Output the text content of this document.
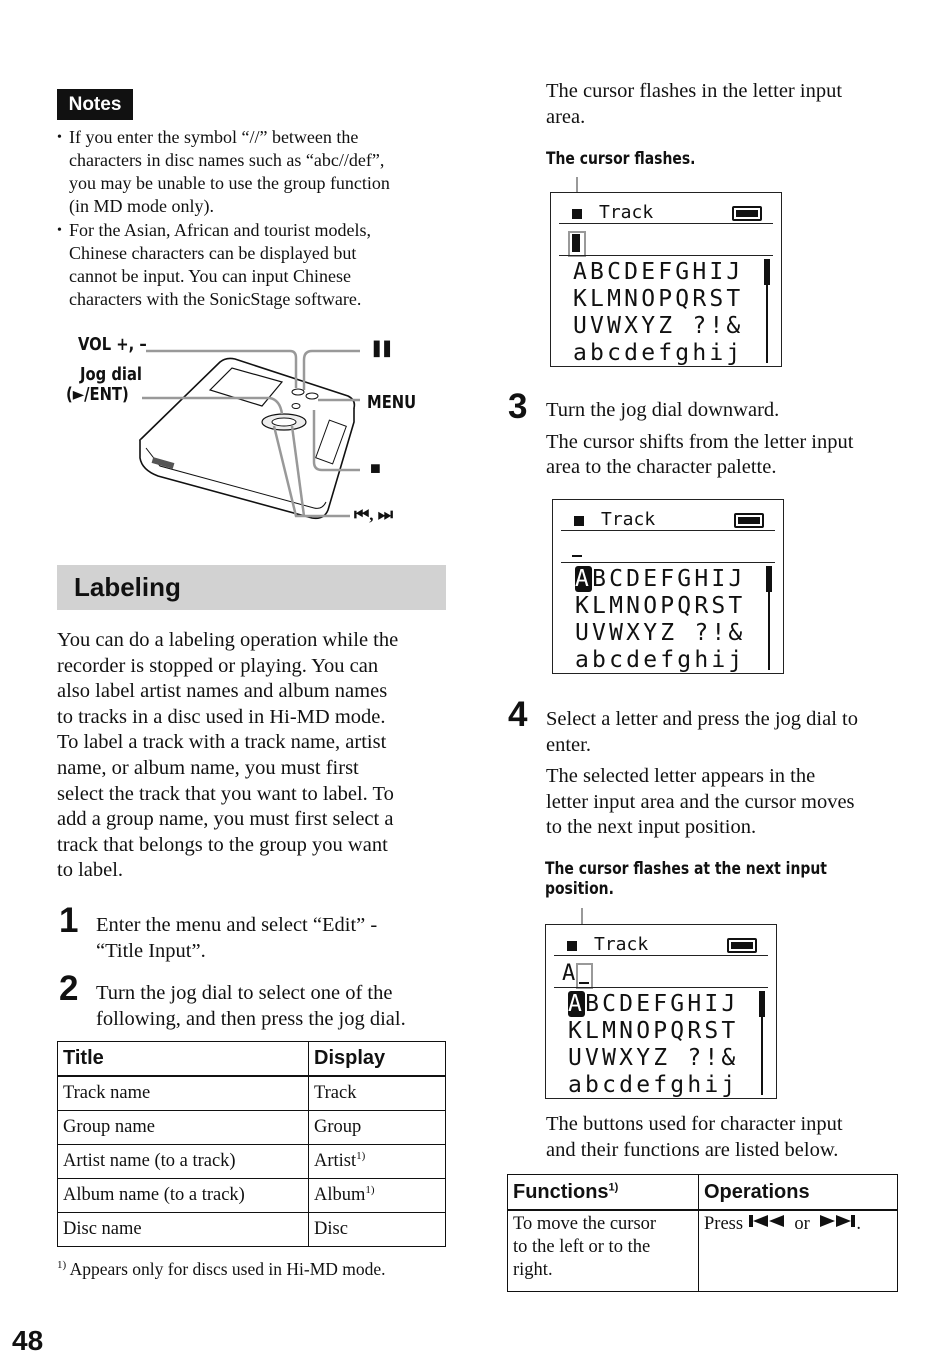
Notes
• If you enter the symbol “//” between the
characters in disc names such as “abc//def”,
you may be unable to use the group function
(in MD mode only).
• For the Asian, African and tourist models,
Chinese characters can be displayed but
cannot be input. You can input Chinese
characters with the SonicStage software.
VOL +, –
Jog dial
(►/ENT)
❚❚
MENU
■
⏮, ⏭
Labeling
You can do a labeling operation while the
recorder is stopped or playing. You can
also label artist names and album names
to tracks in a disc used in Hi-MD mode.
To label a track with a track name, artist
name, or album name, you must first
select the track that you want to label. To
add a group name, you must first select a
track that belongs to the group you want
to label.
1 Enter the menu and select “Edit” -
“Title Input”.
2 Turn the jog dial to select one of the
following, and then press the jog dial.
Title	Display
Track name	Track
Group name	Group
Artist name (to a track)	Artist$^{1)}$
Album name (to a track)	Album$^{1)}$
Disc name	Disc
$^{1)}$ Appears only for discs used in Hi-MD mode.
48
The cursor flashes in the letter input
area.
The cursor flashes.
Track
ABCDEFGHIJ
KLMNOPQRST
UVWXYZ ?!&
abcdefghij
3 Turn the jog dial downward.
The cursor shifts from the letter input
area to the character palette.
Track
ABCDEFGHIJ
KLMNOPQRST
UVWXYZ ?!&
abcdefghij
4 Select a letter and press the jog dial to
enter.
The selected letter appears in the
letter input area and the cursor moves
to the next input position.
The cursor flashes at the next input
position.
Track
A
ABCDEFGHIJ
KLMNOPQRST
UVWXYZ ?!&
abcdefghij
The buttons used for character input
and their functions are listed below.
Functions$^{1)}$	Operations

To move the cursor
to the left or to the
right.	Press or .
